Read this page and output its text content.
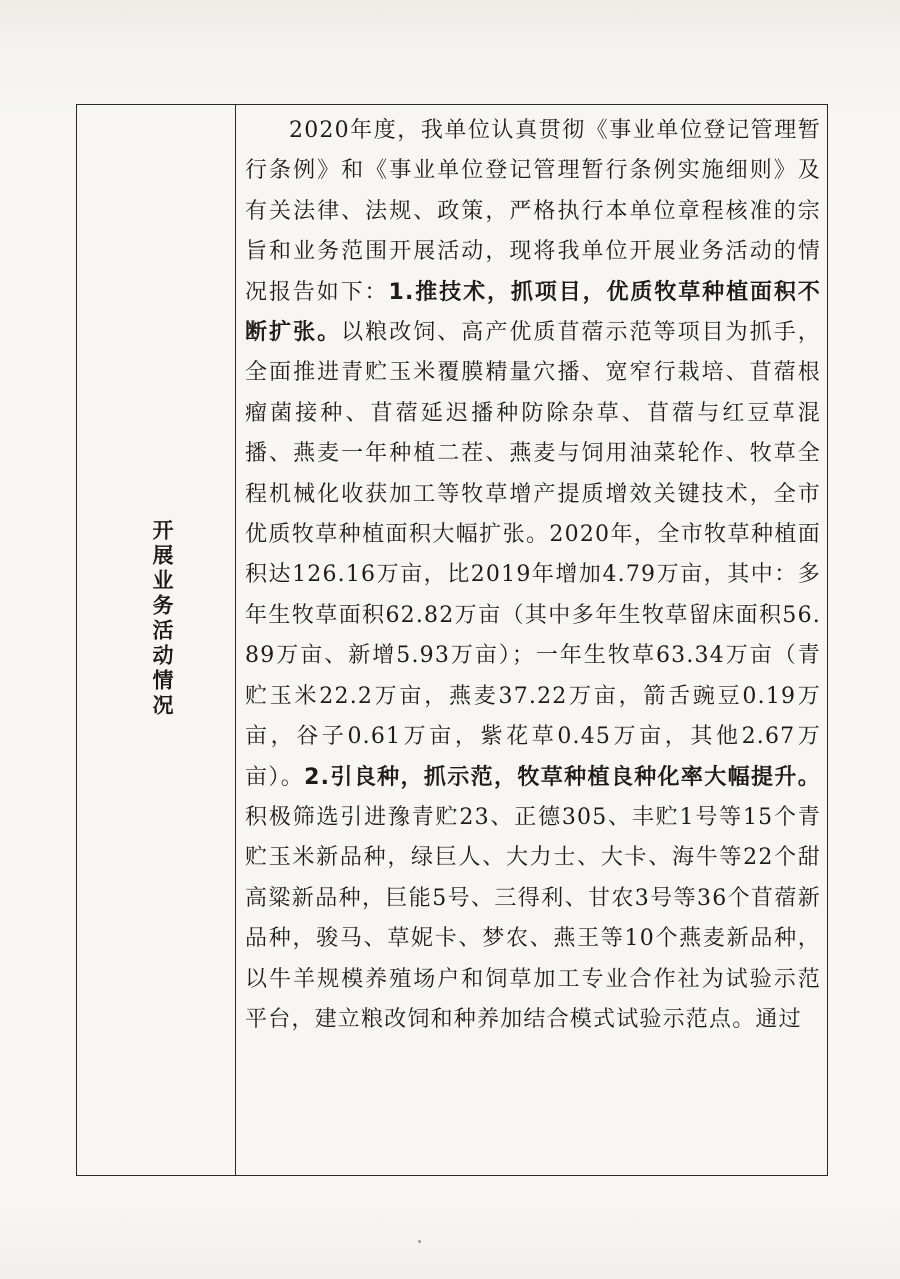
开展业务活动情况
2020年度，我单位认真贯彻《事业单位登记管理暂行条例》和《事业单位登记管理暂行条例实施细则》及有关法律、法规、政策，严格执行本单位章程核准的宗旨和业务范围开展活动，现将我单位开展业务活动的情况报告如下：1.推技术，抓项目，优质牧草种植面积不断扩张。以粮改饲、高产优质苜蓿示范等项目为抓手，全面推进青贮玉米覆膜精量穴播、宽窄行栽培、苜蓿根瘤菌接种、苜蓿延迟播种防除杂草、苜蓿与红豆草混播、燕麦一年种植二茬、燕麦与饲用油菜轮作、牧草全程机械化收获加工等牧草增产提质增效关键技术，全市优质牧草种植面积大幅扩张。2020年，全市牧草种植面积达126.16万亩，比2019年增加4.79万亩，其中：多年生牧草面积62.82万亩（其中多年生牧草留床面积56.89万亩、新增5.93万亩）；一年生牧草63.34万亩（青贮玉米22.2万亩，燕麦37.22万亩，箭舌豌豆0.19万亩，谷子0.61万亩，紫花草0.45万亩，其他2.67万亩）。2.引良种，抓示范，牧草种植良种化率大幅提升。积极筛选引进豫青贮23、正德305、丰贮1号等15个青贮玉米新品种，绿巨人、大力士、大卡、海牛等22个甜高粱新品种，巨能5号、三得利、甘农3号等36个苜蓿新品种，骏马、草妮卡、梦农、燕王等10个燕麦新品种，以牛羊规模养殖场户和饲草加工专业合作社为试验示范平台，建立粮改饲和种养加结合模式试验示范点。通过
